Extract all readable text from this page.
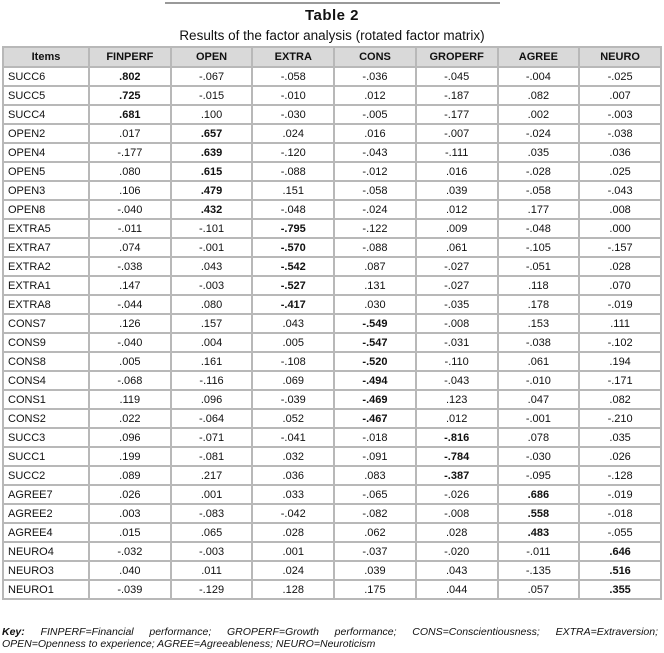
Table 2
Results of the factor analysis (rotated factor matrix)
Items	FINPERF	OPEN	EXTRA	CONS	GROPERF	AGREE	NEURO
SUCC6	.802	-.067	-.058	-.036	-.045	-.004	-.025
SUCC5	.725	-.015	-.010	.012	-.187	.082	.007
SUCC4	.681	.100	-.030	-.005	-.177	.002	-.003
OPEN2	.017	.657	.024	.016	-.007	-.024	-.038
OPEN4	-.177	.639	-.120	-.043	-.111	.035	.036
OPEN5	.080	.615	-.088	-.012	.016	-.028	.025
OPEN3	.106	.479	.151	-.058	.039	-.058	-.043
OPEN8	-.040	.432	-.048	-.024	.012	.177	.008
EXTRA5	-.011	-.101	-.795	-.122	.009	-.048	.000
EXTRA7	.074	-.001	-.570	-.088	.061	-.105	-.157
EXTRA2	-.038	.043	-.542	.087	-.027	-.051	.028
EXTRA1	.147	-.003	-.527	.131	-.027	.118	.070
EXTRA8	-.044	.080	-.417	.030	-.035	.178	-.019
CONS7	.126	.157	.043	-.549	-.008	.153	.111
CONS9	-.040	.004	.005	-.547	-.031	-.038	-.102
CONS8	.005	.161	-.108	-.520	-.110	.061	.194
CONS4	-.068	-.116	.069	-.494	-.043	-.010	-.171
CONS1	.119	.096	-.039	-.469	.123	.047	.082
CONS2	.022	-.064	.052	-.467	.012	-.001	-.210
SUCC3	.096	-.071	-.041	-.018	-.816	.078	.035
SUCC1	.199	-.081	.032	-.091	-.784	-.030	.026
SUCC2	.089	.217	.036	.083	-.387	-.095	-.128
AGREE7	.026	.001	.033	-.065	-.026	.686	-.019
AGREE2	.003	-.083	-.042	-.082	-.008	.558	-.018
AGREE4	.015	.065	.028	.062	.028	.483	-.055
NEURO4	-.032	-.003	.001	-.037	-.020	-.011	.646
NEURO3	.040	.011	.024	.039	.043	-.135	.516
NEURO1	-.039	-.129	.128	.175	.044	.057	.355
Key: FINPERF=Financial performance; GROPERF=Growth performance; CONS=Conscientiousness; EXTRA=Extraversion; OPEN=Openness to experience; AGREE=Agreeableness; NEURO=Neuroticism
